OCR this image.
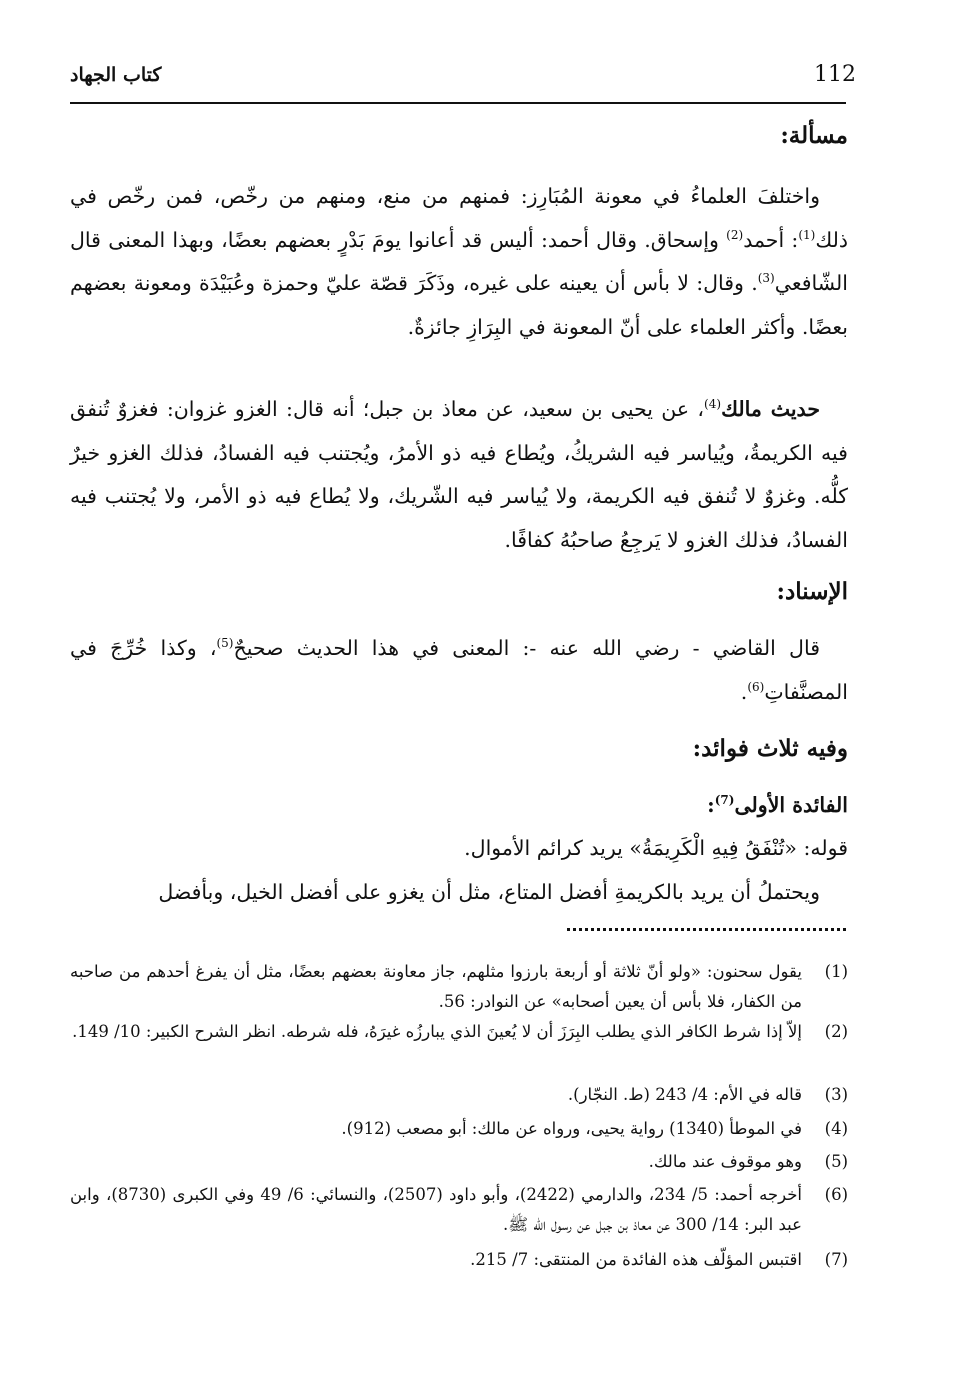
112
كتاب الجهاد
مسألة:
واختلفَ العلماءُ في معونة المُبَارِز: فمنهم من منع، ومنهم من رخّص، فمن رخّص في ذلك$^{(1)}$: أحمد$^{(2)}$ وإسحاق. وقال أحمد: أليس قد أعانوا يومَ بَدْرٍ بعضهم بعضًا، وبهذا المعنى قال الشّافعي$^{(3)}$. وقال: لا بأس أن يعينه على غيره، وذَكَرَ قصّة عليّ وحمزة وعُبَيْدَة ومعونة بعضهم بعضًا. وأكثر العلماء على أنّ المعونة في البِرَازِ جائزةٌ.
حديث مالك$^{(4)}$، عن يحيى بن سعيد، عن معاذ بن جبل؛ أنه قال: الغزو غزوان: فغزوٌ تُنفق فيه الكريمةُ، ويُياسر فيه الشريكُ، ويُطاع فيه ذو الأمرُ، ويُجتنب فيه الفسادُ، فذلك الغزو خيرٌ كلُّه. وغزوٌ لا تُنفق فيه الكريمة، ولا يُياسر فيه الشّريك، ولا يُطاع فيه ذو الأمر، ولا يُجتنب فيه الفسادُ، فذلك الغزو لا يَرجِعُ صاحبُهُ كفافًا.
الإسناد:
قال القاضي - رضي الله عنه -: المعنى في هذا الحديث صحيحٌ$^{(5)}$، وكذا خُرِّجَ في المصنَّفاتِ$^{(6)}$.
وفيه ثلاث فوائد:
الفائدة الأولى$^{(7)}$:
قوله: «تُنْفَقُ فِيهِ الْكَرِيمَةُ» يريد كرائم الأموال.
ويحتملُ أن يريد بالكريمةِ أفضل المتاع، مثل أن يغزو على أفضل الخيل، وبأفضل
(1)
يقول سحنون: «ولو أنّ ثلاثة أو أربعة بارزوا مثلهم، جاز معاونة بعضهم بعضًا، مثل أن يفرغ أحدهم من صاحبه من الكفار، فلا بأس أن يعين أصحابه» عن النوادر: 56.
(2)
إلاّ إذا شرط الكافر الذي يطلب البِرَزَ أن لا يُعينَ الذي يبارزُه غيرَهُ، فله شرطه. انظر الشرح الكبير: 10/ 149.
(3)
قاله في الأم: 4/ 243 (ط. النجّار).
(4)
في الموطأ (1340) رواية يحيى، ورواه عن مالك: أبو مصعب (912).
(5)
وهو موقوف عند مالك.
(6)
أخرجه أحمد: 5/ 234، والدارمي (2422)، وأبو داود (2507)، والنسائي: 6/ 49 وفي الكبرى (8730)، وابن عبد البر: 14/ 300 عن معاذ بن جبل عن رسول الله ﷺ.
(7)
اقتبس المؤلّف هذه الفائدة من المنتقى: 7/ 215.
